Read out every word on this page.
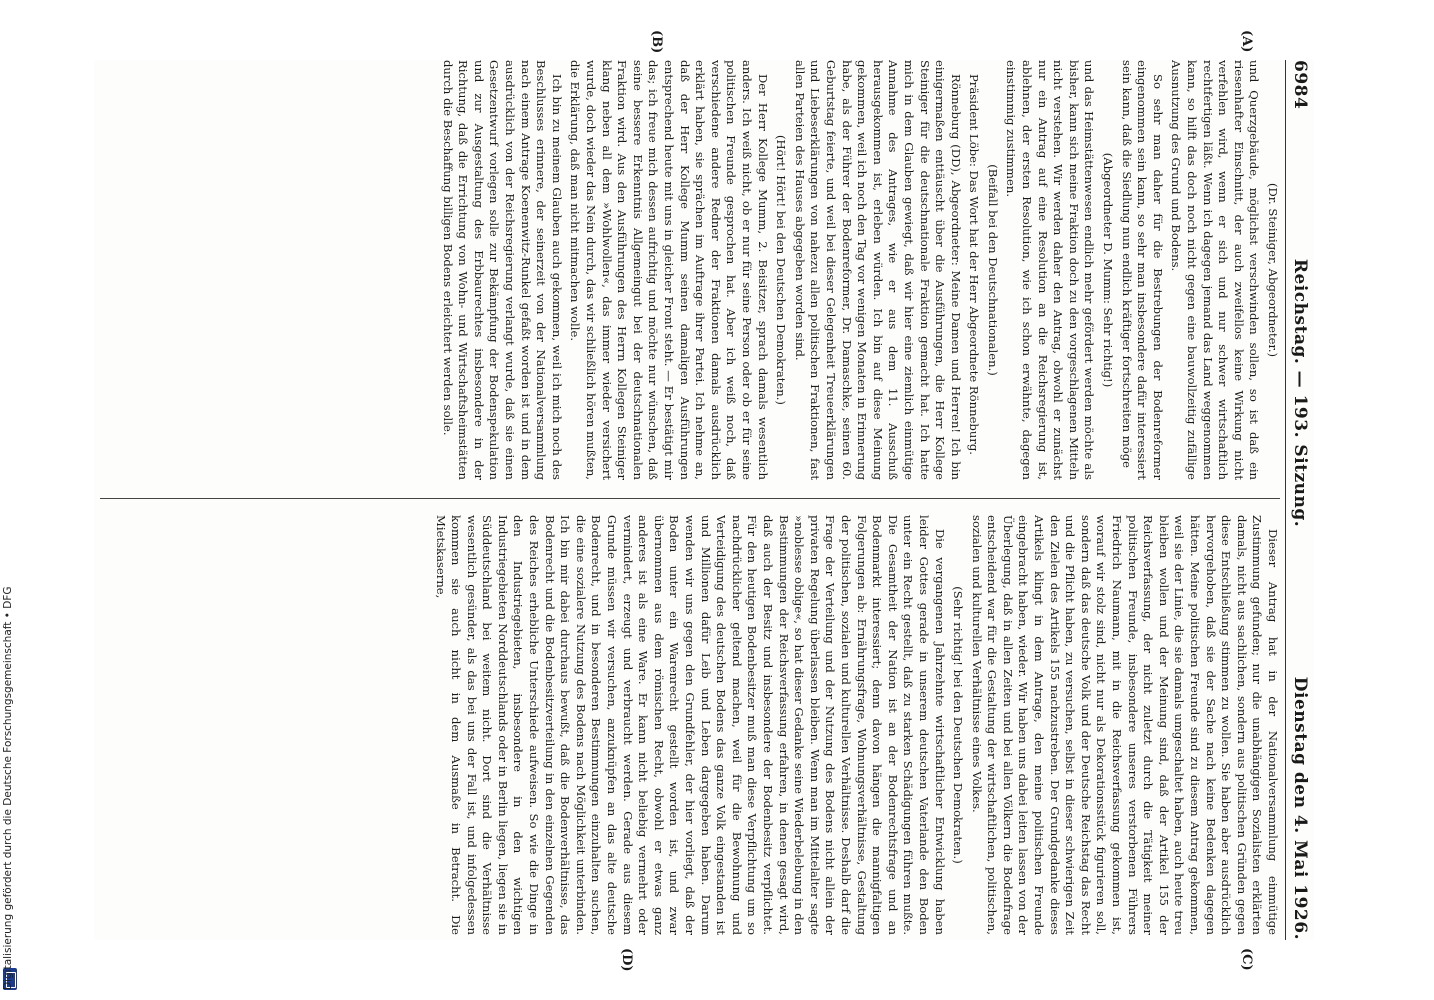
Digitalisierung gefördert durch die Deutsche Forschungsgemeinschaft • DFG
6984
Reichstag. — 193. Sitzung.
Dienstag den 4. Mai 1926.
(A)
(B)
(C)
(D)

(Dr. Steiniger, Abgeordneter.)

und Querzgebäude, möglichst verschwinden sollen, so ist daß ein riesenhafter Einschnitt, der auch zweifellos keine Wirkung nicht verfehlen wird, wenn er sich und nur schwer wirtschaftlich rechtfertigen läßt. Wenn ich dagegen jemand das Land weggenommen kann, so hilft das doch noch nicht gegen eine bauwollzeitig zufällige Ausnutzung des Grund und Bodens.

So sehr man daher für die Bestrebungen der Bodenreformer eingenommen sein kann, so sehr man insbesondere dafür interessiert sein kann, daß die Siedlung nun endlich kräftiger fortschreiten möge

(Abgeordneter D. Mumm: Sehr richtig!)

und das Heimstättenwesen endlich mehr gefördert werden möchte als bisher, kann sich meine Fraktion doch zu den vorgeschlagenen Mitteln nicht verstehen. Wir werden daher den Antrag, obwohl er zunächst nur ein Antrag auf eine Resolution an die Reichsregierung ist, ablehnen, der ersten Resolution, wie ich schon erwähnte, dagegen einstimmig zustimmen.

(Beifall bei den Deutschnationalen.)

Präsident Löbe: Das Wort hat der Herr Abgeordnete Rönneburg.

Rönneburg (DD), Abgeordneter: Meine Damen und Herren! Ich bin einigermaßen enttäuscht über die Ausführungen, die Herr Kollege Steiniger für die deutschnationale Fraktion gemacht hat. Ich hatte mich in dem Glauben gewiegt, daß wir hier eine ziemlich einmütige Annahme des Antrages, wie er aus dem 11. Ausschuß herausgekommen ist, erleben würden. Ich bin auf diese Meinung gekommen, weil ich noch den Tag vor wenigen Monaten in Erinnerung habe, als der Führer der Bodenreformer, Dr. Damaschke, seinen 60. Geburtstag feierte, und weil bei dieser Gelegenheit Treueerklärungen und Liebeserklärungen von nahezu allen politischen Fraktionen, fast allen Parteien des Hauses abgegeben worden sind.

(Hört! Hört! bei den Deutschen Demokraten.)

Der Herr Kollege Mumm, 2. Beisitzer, sprach damals wesentlich anders. Ich weiß nicht, ob er nur für seine Person oder ob er für seine politischen Freunde gesprochen hat. Aber ich weiß noch, daß verschiedene andere Redner der Fraktionen damals ausdrücklich erklärt haben, sie sprächen im Auftrage ihrer Partei. Ich nehme an, daß der Herr Kollege Mumm seinen damaligen Ausführungen entsprechend heute mit uns in gleicher Front steht. — Er bestätigt mir das; ich freue mich dessen aufrichtig und möchte nur wünschen, daß seine bessere Erkenntnis Allgemeingut bei der deutschnationalen Fraktion wird. Aus den Ausführungen des Herrn Kollegen Steiniger klang neben all dem »Wohlwollen«, das immer wieder versichert wurde, doch wieder das Nein durch, das wir schließlich hören mußten, die Erklärung, daß man nicht mitmachen wolle.

Ich bin zu meinem Glauben auch gekommen, weil ich mich noch des Beschlusses erinnere, der seinerzeit von der Nationalversammlung nach einem Antrage Koenenwitz-Runkel gefaßt worden ist und in dem ausdrücklich von der Reichsregierung verlangt wurde, daß sie einen Gesetzentwurf vorlegen solle zur Bekämpfung der Bodenspekulation und zur Ausgestaltung des Erbbaurechtes insbesondere in der Richtung, daß die Errichtung von Wohn- und Wirtschaftsheimstätten durch die Beschaffung billigen Bodens erleichtert werden solle.

Dieser Antrag hat in der Nationalversammlung einmütige Zustimmung gefunden; nur die unabhängigen Sozialisten erklärten damals, nicht aus sachlichen, sondern aus politischen Gründen gegen diese Entschließung stimmen zu wollen. Sie haben aber ausdrücklich hervorgehoben, daß sie der Sache nach keine Bedenken dagegen hätten. Meine politischen Freunde sind zu diesem Antrag gekommen, weil sie der Linie, die sie damals umgeschaltet haben, auch heute treu bleiben wollen und der Meinung sind, daß der Artikel 155 der Reichsverfassung, der nicht zuletzt durch die Tätigkeit meiner politischen Freunde, insbesondere unseres verstorbenen Führers Friedrich Naumann, mit in die Reichsverfassung gekommen ist, worauf wir stolz sind, nicht nur als Dekorationsstück figurieren soll, sondern daß das deutsche Volk und der Deutsche Reichstag das Recht und die Pflicht haben, zu versuchen, selbst in dieser schwierigen Zeit den Zielen des Artikels 155 nachzustreben. Der Grundgedanke dieses Artikels klingt in dem Antrage, den meine politischen Freunde eingebracht haben, wieder. Wir haben uns dabei leiten lassen von der Überlegung, daß in allen Zeiten und bei allen Völkern die Bodenfrage entscheidend war für die Gestaltung der wirtschaftlichen, politischen, sozialen und kulturellen Verhältnisse eines Volkes.

(Sehr richtig! bei den Deutschen Demokraten.)

Die vergangenen Jahrzehnte wirtschaftlicher Entwicklung haben leider Gottes gerade in unserem deutschen Vaterlande den Boden unter ein Recht gestellt, daß zu starken Schädigungen führen mußte. Die Gesamtheit der Nation ist an der Bodenrechtsfrage und an Bodenmarkt interessiert; denn davon hängen die mannigfaltigen Folgerungen ab: Ernährungsfrage, Wohnungsverhältnisse, Gestaltung der politischen, sozialen und kulturellen Verhältnisse. Deshalb darf die Frage der Verteilung und der Nutzung des Bodens nicht allein der privaten Regelung überlassen bleiben. Wenn man im Mittelalter sagte »noblesse oblige«, so hat dieser Gedanke seine Wiederbelebung in den Bestimmungen der Reichsverfassung erfahren, in denen gesagt wird, daß auch der Besitz und insbesondere der Bodenbesitz verpflichtet. Für den heutigen Bodenbesitzer muß man diese Verpflichtung um so nachdrücklicher geltend machen, weil für die Bewohnung und Verteidigung des deutschen Bodens das ganze Volk eingestanden ist und Millionen dafür Leib und Leben dargegeben haben. Darum wenden wir uns gegen den Grundfehler, der hier vorliegt, daß der Boden unter ein Warenrecht gestellt worden ist, und zwar übernommen aus dem römischen Recht, obwohl er etwas ganz anderes ist als eine Ware. Er kann nicht beliebig vermehrt oder vermindert, erzeugt und verbraucht werden. Gerade aus diesem Grunde müssen wir versuchen, anzuknüpfen an das alte deutsche Bodenrecht, und in besonderen Bestimmungen einzuhalten suchen, die eine sozialere Nutzung des Bodens nach Möglichkeit unterbinden. Ich bin mir dabei durchaus bewußt, daß die Bodenverhältnisse, das Bodenrecht und die Bodenbesitzverteilung in den einzelnen Gegenden des Reiches erhebliche Unterschiede aufweisen. So wie die Dinge in den Industriegebieten, insbesondere in den wichtigen Industriegebieten Norddeutschlands oder in Berlin liegen, liegen sie in Süddeutschland bei weitem nicht. Dort sind die Verhältnisse wesentlich gesünder, als das bei uns der Fall ist, und infolgedessen kommen sie auch nicht in dem Ausmaße in Betracht. Die Mietskaserne,
